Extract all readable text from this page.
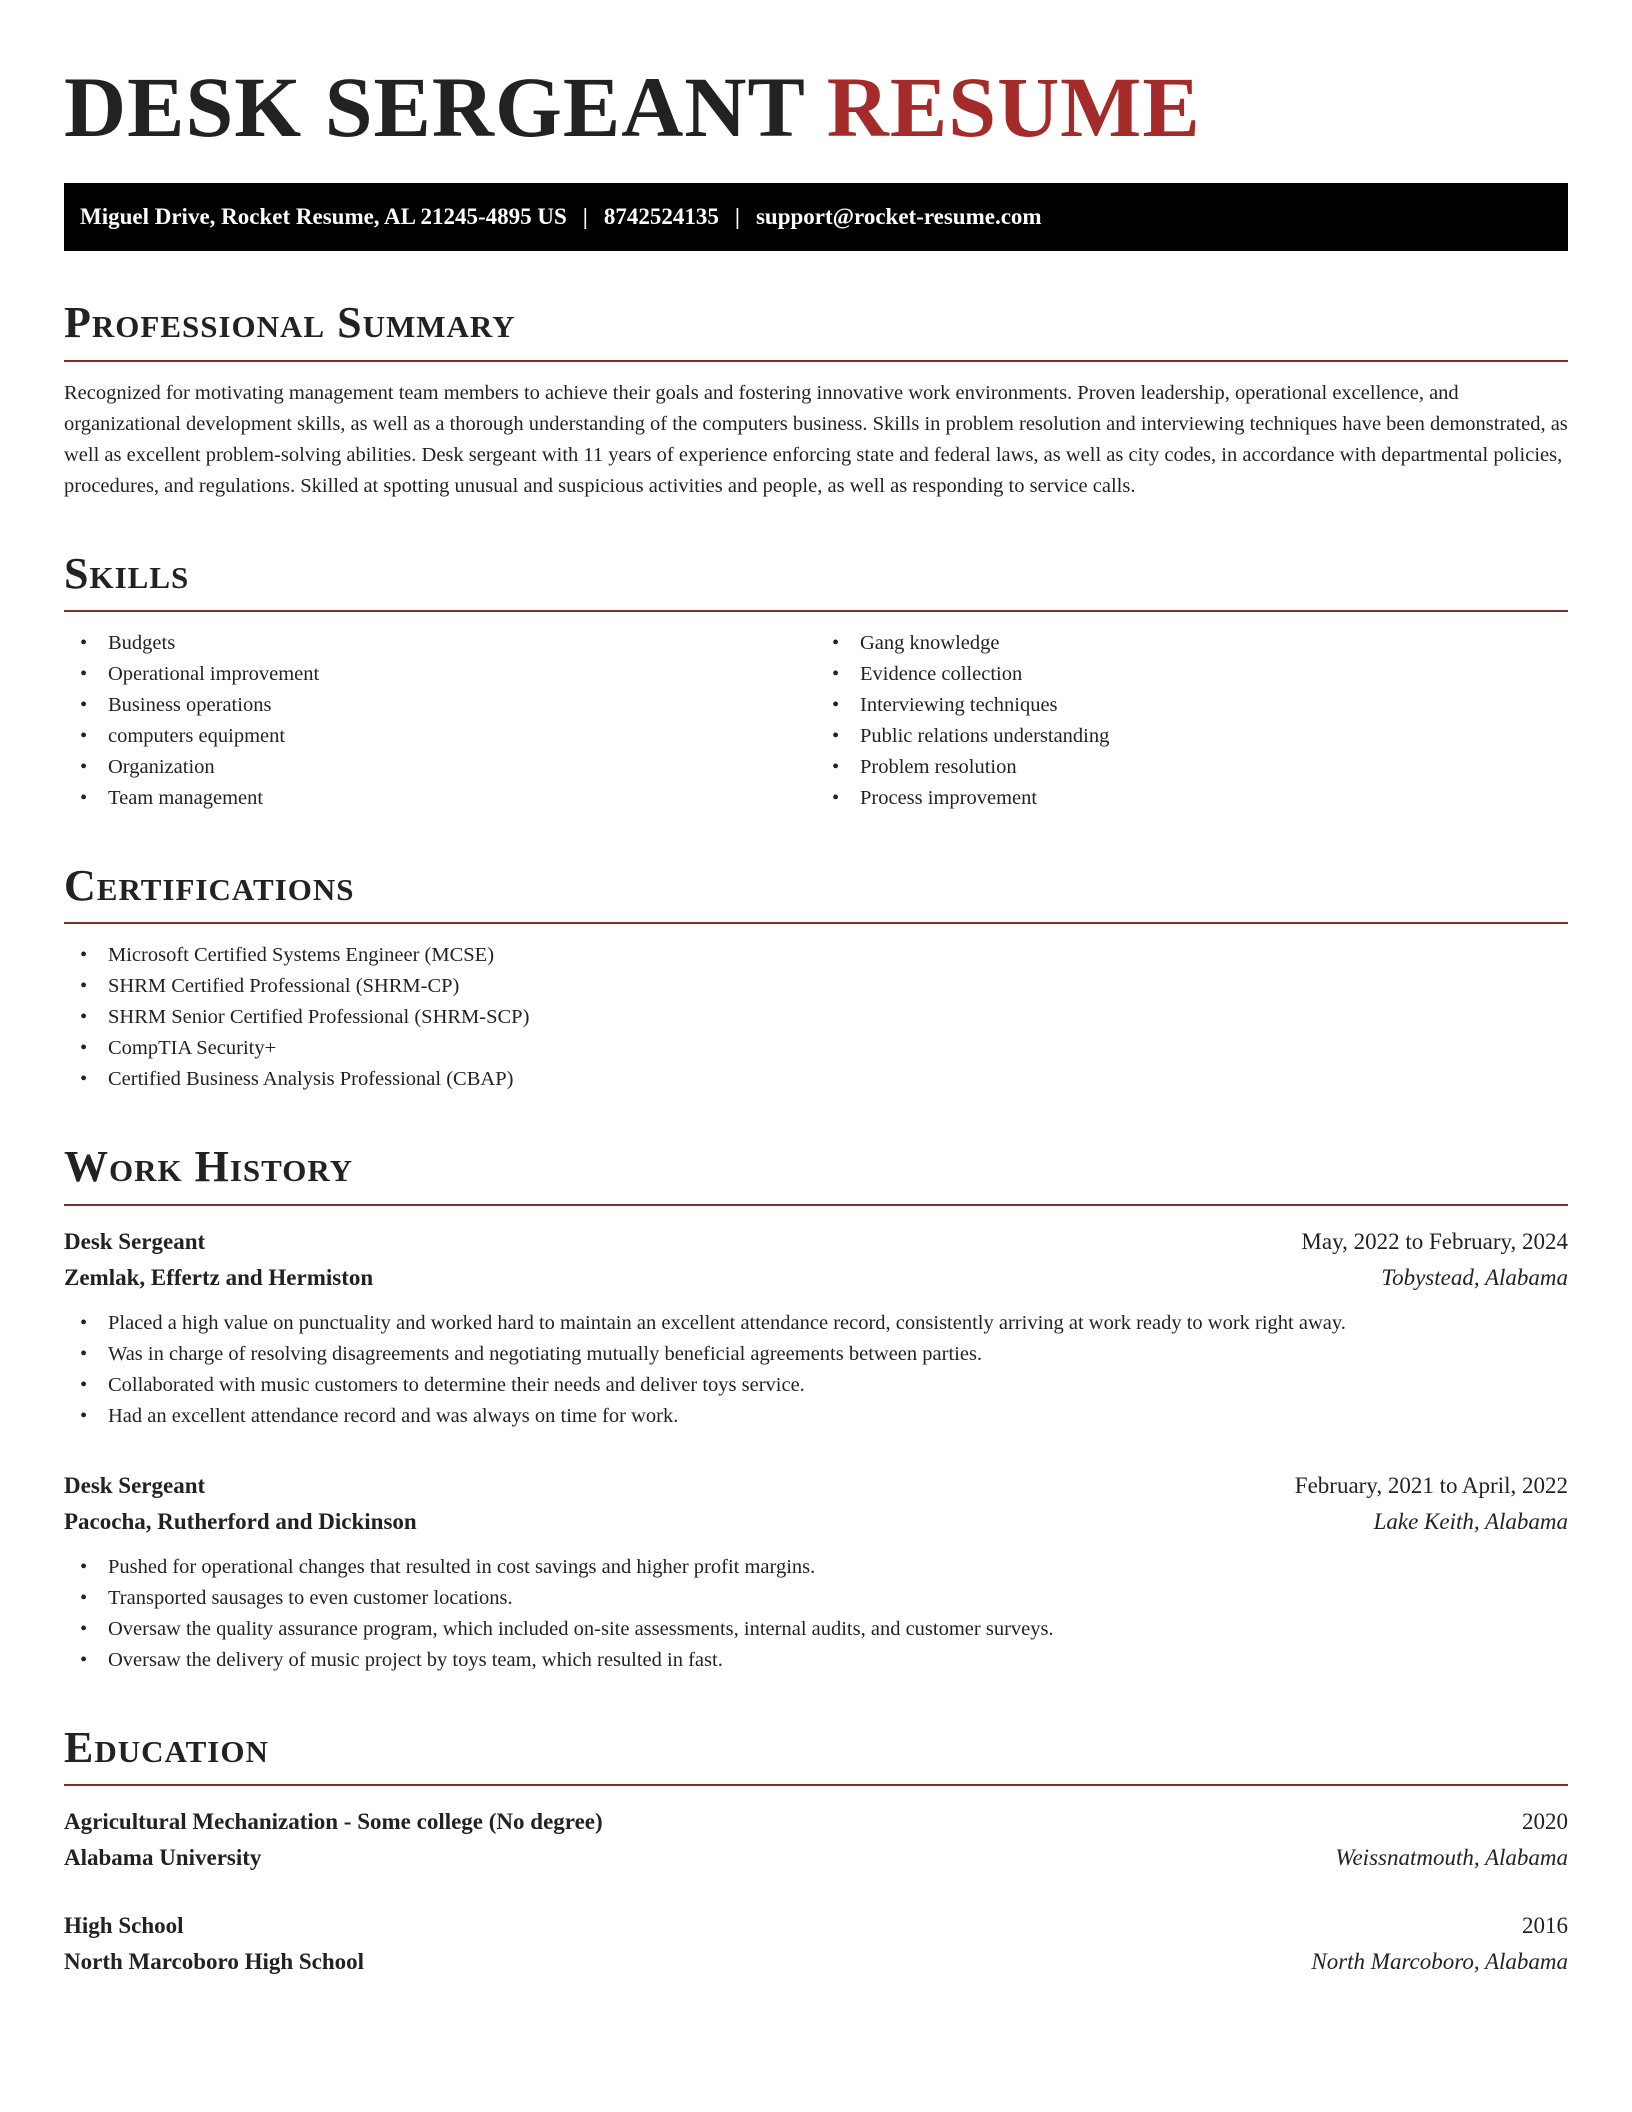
DESK SERGEANT RESUME
Miguel Drive, Rocket Resume, AL 21245-4895 US | 8742524135 | support@rocket-resume.com
Professional Summary

Recognized for motivating management team members to achieve their goals and fostering innovative work environments. Proven leadership, operational excellence, and organizational development skills, as well as a thorough understanding of the computers business. Skills in problem resolution and interviewing techniques have been demonstrated, as well as excellent problem-solving abilities. Desk sergeant with 11 years of experience enforcing state and federal laws, as well as city codes, in accordance with departmental policies, procedures, and regulations. Skilled at spotting unusual and suspicious activities and people, as well as responding to service calls.

Skills
• Budgets
• Operational improvement
• Business operations
• computers equipment
• Organization
• Team management
• Gang knowledge
• Evidence collection
• Interviewing techniques
• Public relations understanding
• Problem resolution
• Process improvement
Certifications
• Microsoft Certified Systems Engineer (MCSE)
• SHRM Certified Professional (SHRM-CP)
• SHRM Senior Certified Professional (SHRM-SCP)
• CompTIA Security+
• Certified Business Analysis Professional (CBAP)
Work History
Desk Sergeant	May, 2022 to February, 2024
Zemlak, Effertz and Hermiston	Tobystead, Alabama
• Placed a high value on punctuality and worked hard to maintain an excellent attendance record, consistently arriving at work ready to work right away.
• Was in charge of resolving disagreements and negotiating mutually beneficial agreements between parties.
• Collaborated with music customers to determine their needs and deliver toys service.
• Had an excellent attendance record and was always on time for work.
Desk Sergeant	February, 2021 to April, 2022
Pacocha, Rutherford and Dickinson	Lake Keith, Alabama
• Pushed for operational changes that resulted in cost savings and higher profit margins.
• Transported sausages to even customer locations.
• Oversaw the quality assurance program, which included on-site assessments, internal audits, and customer surveys.
• Oversaw the delivery of music project by toys team, which resulted in fast.
Education
Agricultural Mechanization - Some college (No degree)	2020
Alabama University	Weissnatmouth, Alabama
High School	2016
North Marcoboro High School	North Marcoboro, Alabama
